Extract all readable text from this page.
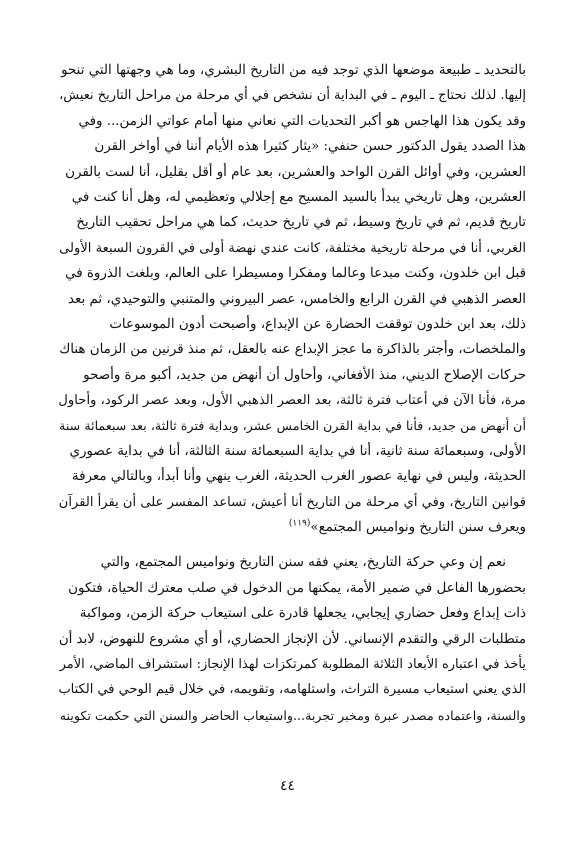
بالتحديد ـ طبيعة موضعها الذي توجد فيه من التاريخ البشري، وما هي وجهتها التي تنحو
إليها. لذلك نحتاج ـ اليوم ـ في البداية أن نشخص في أي مرحلة من مراحل التاريخ نعيش،
وقد يكون هذا الهاجس هو أكبر التحديات التي نعاني منها أمام عواتي الزمن... وفي
هذا الصدد يقول الدكتور حسن حنفي: «يثار كثيرا هذه الأيام أننا في أواخر القرن
العشرين، وفي أوائل القرن الواحد والعشرين، بعد عام أو أقل بقليل، أنا لست بالقرن
العشرين، وهل تاريخي يبدأ بالسيد المسيح مع إجلالي وتعظيمي له، وهل أنا كنت في
تاريخ قديم، ثم في تاريخ وسيط، ثم في تاريخ حديث، كما هي مراحل تحقيب التاريخ
الغربي، أنا في مرحلة تاريخية مختلفة، كانت عندي نهضة أولى في القرون السبعة الأولى
قبل ابن خلدون، وكنت مبدعا وعالما ومفكرا ومسيطرا على العالم، وبلغت الذروة في
العصر الذهبي في القرن الرابع والخامس، عصر البيروني والمتنبي والتوحيدي، ثم بعد
ذلك، بعد ابن خلدون توقفت الحضارة عن الإبداع، وأصبحت أدون الموسوعات
والملخصات، وأجتر بالذاكرة ما عجز الإبداع عنه بالعقل، ثم منذ قرنين من الزمان هناك
حركات الإصلاح الديني، منذ الأفغاني، وأحاول أن أنهض من جديد، أكبو مرة وأصحو
مرة، فأنا الآن في أعتاب فترة ثالثة، بعد العصر الذهبي الأول، وبعد عصر الركود، وأحاول
أن أنهض من جديد، فأنا في بداية القرن الخامس عشر، وبداية فترة ثالثة، بعد سبعمائة سنة
الأولى، وسبعمائة سنة ثانية، أنا في بداية السبعمائة سنة الثالثة، أنا في بداية عصوري
الحديثة، وليس في نهاية عصور الغرب الحديثة، الغرب ينهي وأنا أبدأ، وبالتالي معرفة
قوانين التاريخ، وفي أي مرحلة من التاريخ أنا أعيش، تساعد المفسر على أن يقرأ القرآن
ويعرف سنن التاريخ ونواميس المجتمع»$^{(١١٩)}$

نعم إن وعي حركة التاريخ، يعني فقه سنن التاريخ ونواميس المجتمع، والتي
بحضورها الفاعل في ضمير الأمة، يمكنها من الدخول في صلب معترك الحياة، فتكون
ذات إبداع وفعل حضاري إيجابي، يجعلها قادرة على استيعاب حركة الزمن، ومواكبة
متطلبات الرقي والتقدم الإنساني. لأن الإنجاز الحضاري، أو أي مشروع للنهوض، لابد أن
يأخذ في اعتباره الأبعاد الثلاثة المطلوبة كمرتكزات لهذا الإنجاز: استشراف الماضي، الأمر
الذي يعني استيعاب مسيرة التراث، واستلهامه، وتقويمه، في خلال قيم الوحي في الكتاب
والسنة، واعتماده مصدر عبرة ومخبر تجربة...واستيعاب الحاضر والسنن التي حكمت تكوينه

٤٤
